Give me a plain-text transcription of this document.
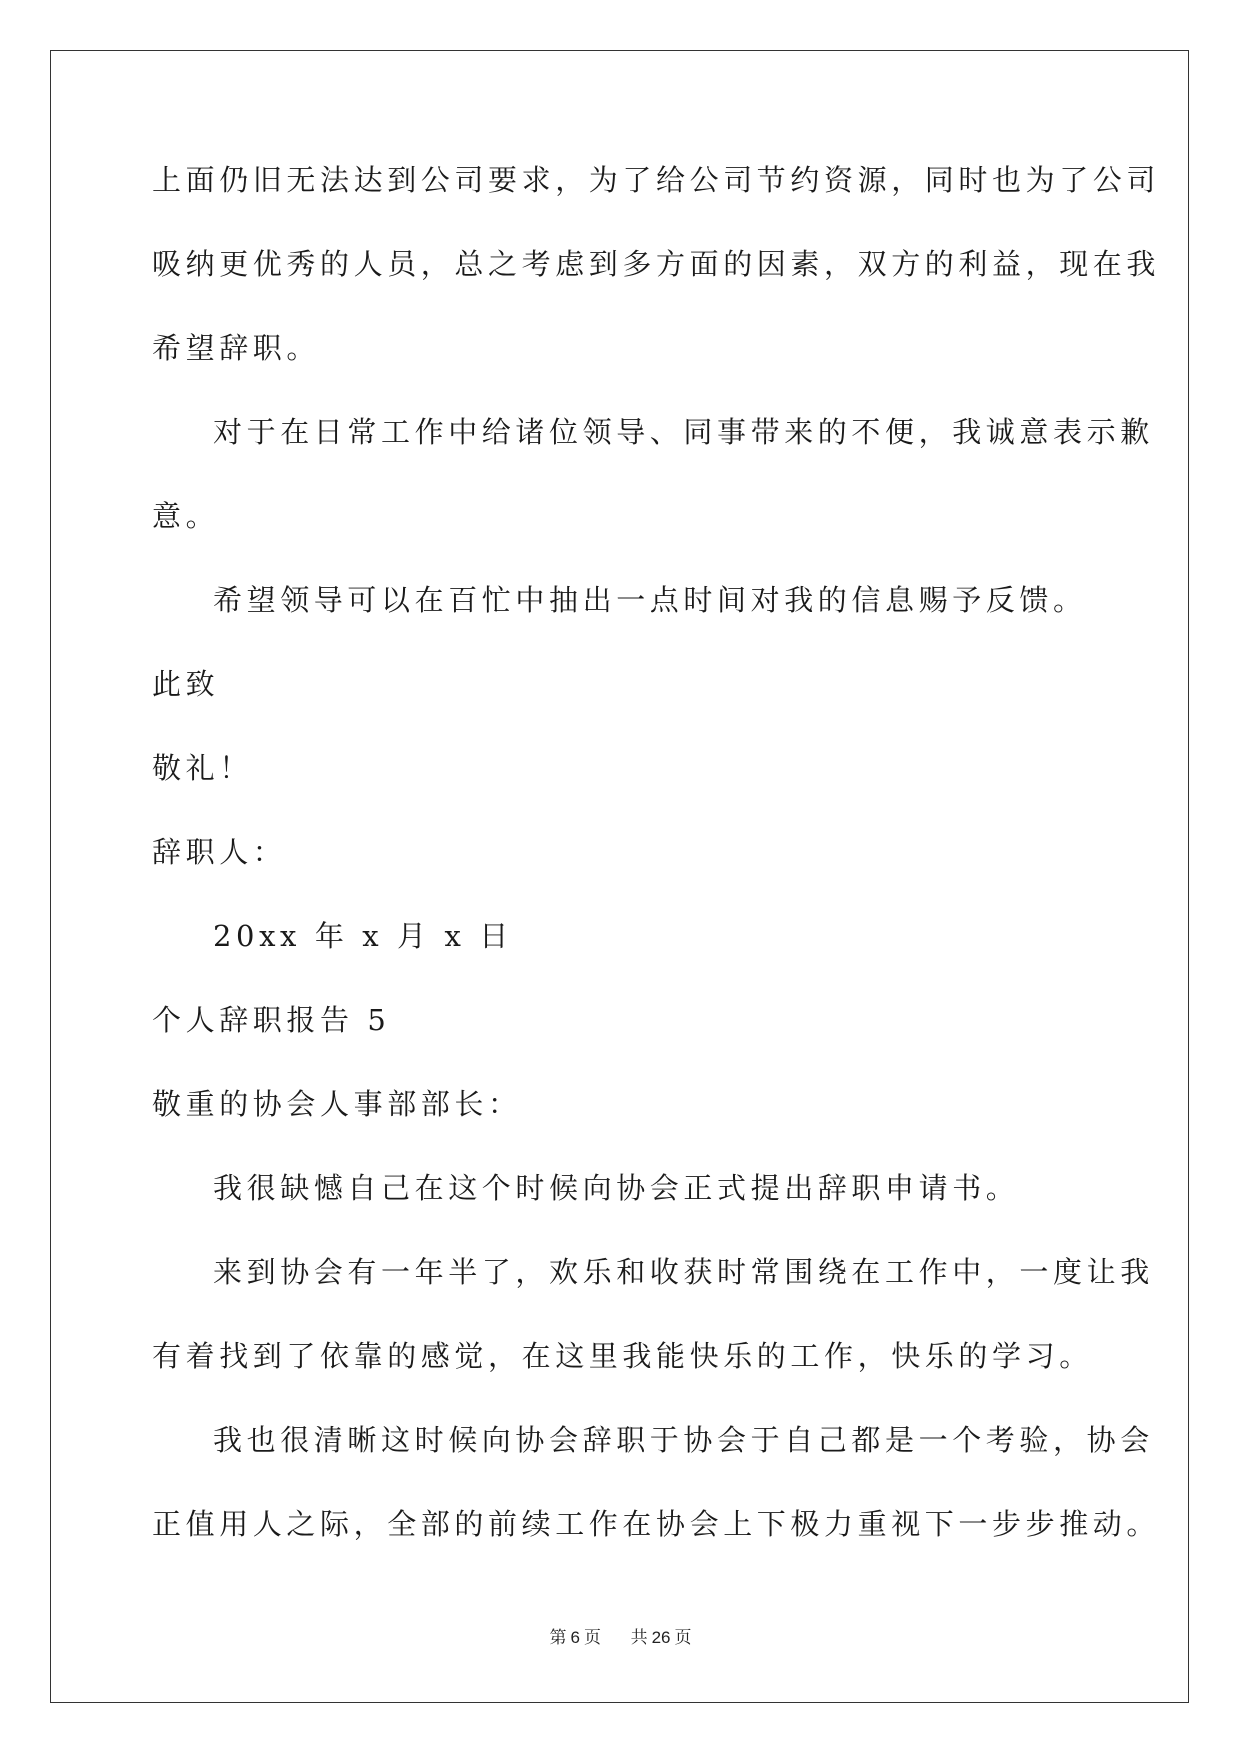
上面仍旧无法达到公司要求，为了给公司节约资源，同时也为了公司
吸纳更优秀的人员，总之考虑到多方面的因素，双方的利益，现在我
希望辞职。
对于在日常工作中给诸位领导、同事带来的不便，我诚意表示歉
意。
希望领导可以在百忙中抽出一点时间对我的信息赐予反馈。
此致
敬礼！
辞职人：
20xx 年 x 月 x 日
个人辞职报告 5
敬重的协会人事部部长：
我很缺憾自己在这个时候向协会正式提出辞职申请书。
来到协会有一年半了，欢乐和收获时常围绕在工作中，一度让我
有着找到了依靠的感觉，在这里我能快乐的工作，快乐的学习。
我也很清晰这时候向协会辞职于协会于自己都是一个考验，协会
正值用人之际，全部的前续工作在协会上下极力重视下一步步推动。
第 6 页 共 26 页
